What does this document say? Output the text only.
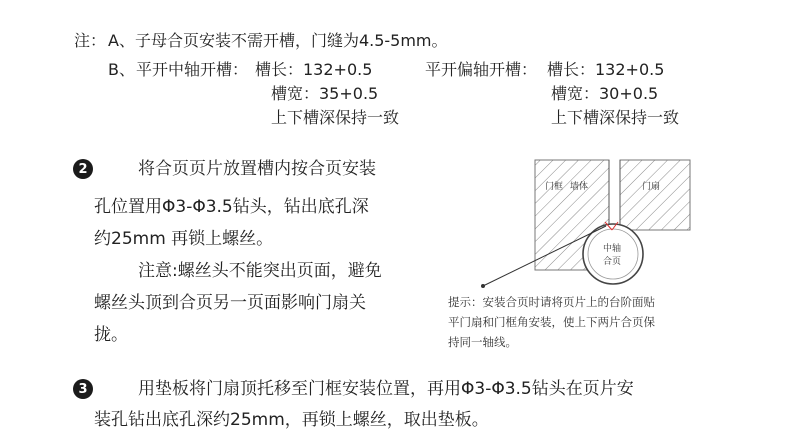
注： A、子母合页安装不需开槽，门缝为4.5-5mm。
B、 平开中轴开槽： 槽长：132+0.5
槽宽：35+0.5
上下槽深保持一致
平开偏轴开槽： 槽长：132+0.5
槽宽：30+0.5
上下槽深保持一致
2	将合页页片放置槽内按合页安装
孔位置用Φ3-Φ3.5钻头，钻出底孔深
约25mm 再锁上螺丝。
注意:螺丝头不能突出页面，避免
螺丝头顶到合页另一页面影响门扇关
拢。
门框 墙体	门扇
中轴
合页
提示：安装合页时请将页片上的台阶面贴
平门扇和门框角安装，使上下两片合页保
持同一轴线。
3	用垫板将门扇顶托移至门框安装位置，再用Φ3-Φ3.5钻头在页片安
装孔钻出底孔深约25mm，再锁上螺丝，取出垫板。
